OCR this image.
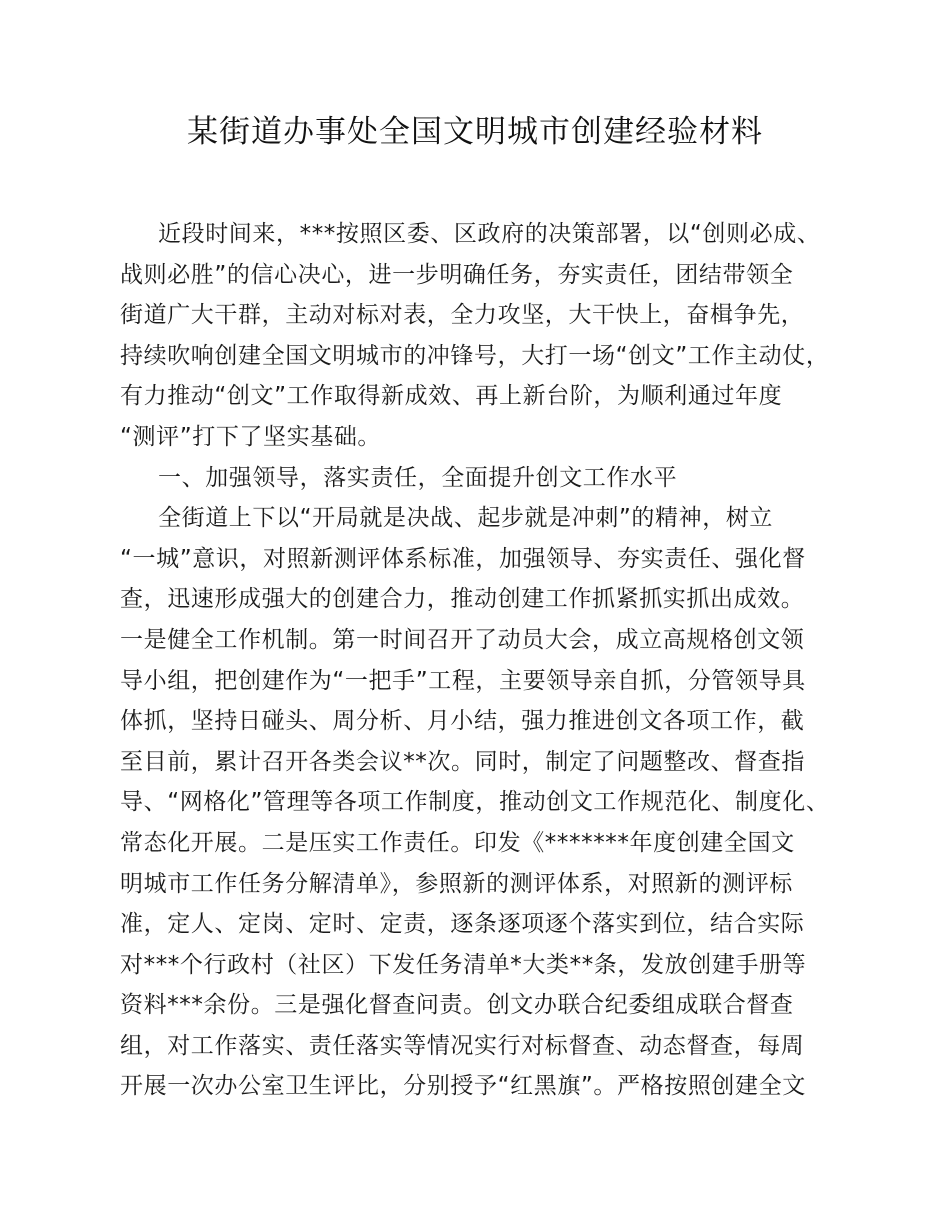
某街道办事处全国文明城市创建经验材料
近段时间来，***按照区委、区政府的决策部署，以“创则必成、
战则必胜”的信心决心，进一步明确任务，夯实责任，团结带领全
街道广大干群，主动对标对表，全力攻坚，大干快上，奋楫争先，
持续吹响创建全国文明城市的冲锋号，大打一场“创文”工作主动仗，
有力推动“创文”工作取得新成效、再上新台阶，为顺利通过年度
“测评”打下了坚实基础。
一、加强领导，落实责任，全面提升创文工作水平
全街道上下以“开局就是决战、起步就是冲刺”的精神，树立
“一城”意识，对照新测评体系标准，加强领导、夯实责任、强化督
查，迅速形成强大的创建合力，推动创建工作抓紧抓实抓出成效。
一是健全工作机制。第一时间召开了动员大会，成立高规格创文领
导小组，把创建作为“一把手”工程，主要领导亲自抓，分管领导具
体抓，坚持日碰头、周分析、月小结，强力推进创文各项工作，截
至目前，累计召开各类会议**次。同时，制定了问题整改、督查指
导、“网格化”管理等各项工作制度，推动创文工作规范化、制度化、
常态化开展。二是压实工作责任。印发《*******年度创建全国文
明城市工作任务分解清单》，参照新的测评体系，对照新的测评标
准，定人、定岗、定时、定责，逐条逐项逐个落实到位，结合实际
对***个行政村（社区）下发任务清单*大类**条，发放创建手册等
资料***余份。三是强化督查问责。创文办联合纪委组成联合督查
组，对工作落实、责任落实等情况实行对标督查、动态督查，每周
开展一次办公室卫生评比，分别授予“红黑旗”。严格按照创建全文
